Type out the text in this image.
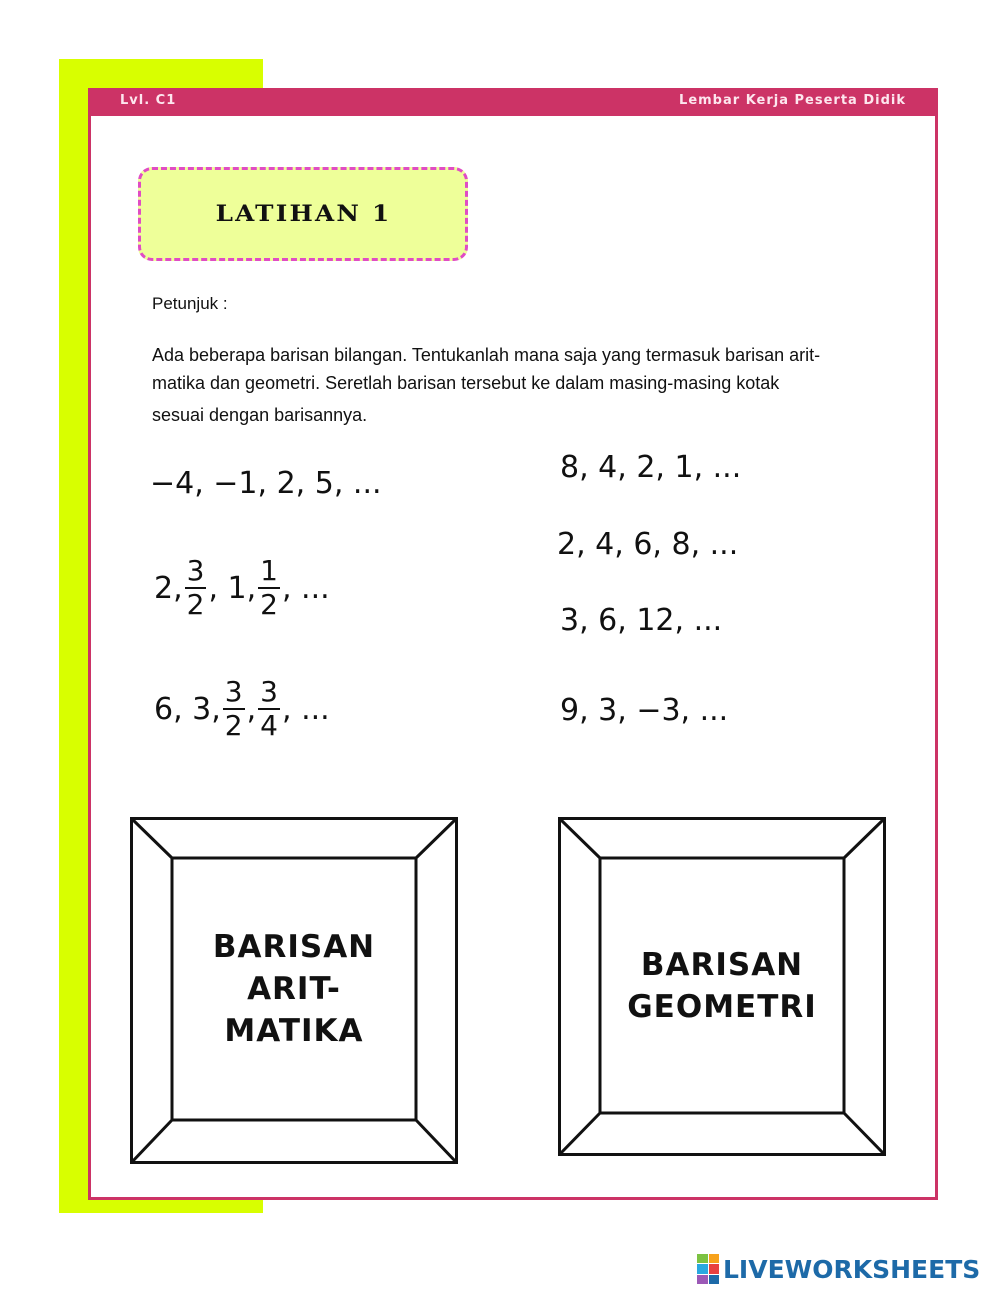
Lvl. C1	Lembar Kerja Peserta Didik
LATIHAN 1
Petunjuk :
Ada beberapa barisan bilangan. Tentukanlah mana saja yang termasuk barisan arit-
matika dan geometri. Seretlah barisan tersebut ke dalam masing-masing kotak
sesuai dengan barisannya.
−4, −1, 2, 5, ...
2, $\frac{3}{2}$ , 1, $\frac{1}{2}$ , ...
6, 3, $\frac{3}{2}$ , $\frac{3}{4}$ , ...
8, 4, 2, 1, ...
2, 4, 6, 8, ...
3, 6, 12, ...
9, 3, −3, ...
BARISAN
ARIT-
MATIKA
BARISAN
GEOMETRI
LIVEWORKSHEETS
